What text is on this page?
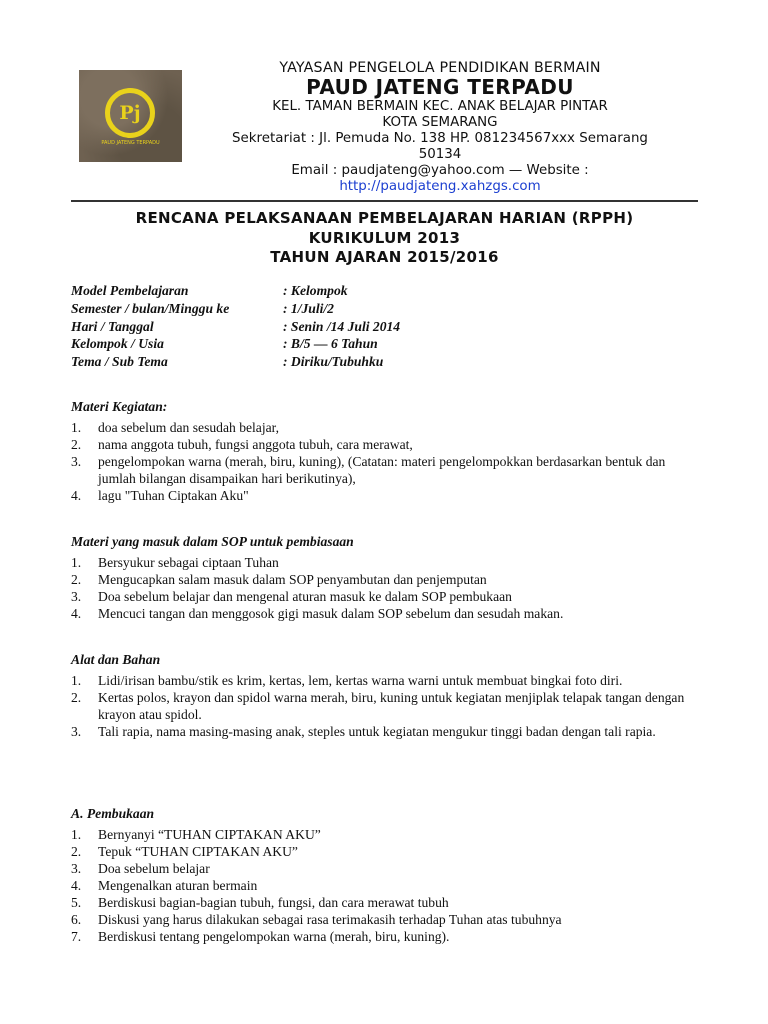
Pj
PAUD JATENG TERPADU
YAYASAN PENGELOLA PENDIDIKAN BERMAIN
PAUD JATENG TERPADU
KEL. TAMAN BERMAIN KEC. ANAK BELAJAR PINTAR
KOTA SEMARANG
Sekretariat : Jl. Pemuda No. 138 HP. 081234567xxx Semarang
50134
Email : paudjateng@yahoo.com — Website :
http://paudjateng.xahzgs.com
RENCANA PELAKSANAAN PEMBELAJARAN HARIAN (RPPH)
KURIKULUM 2013
TAHUN AJARAN 2015/2016
Model Pembelajaran	: Kelompok
Semester / bulan/Minggu ke	: 1/Juli/2
Hari / Tanggal	: Senin /14 Juli 2014
Kelompok / Usia	: B/5 — 6 Tahun
Tema / Sub Tema	: Diriku/Tubuhku
Materi Kegiatan:
1.	doa sebelum dan sesudah belajar,
2.	nama anggota tubuh, fungsi anggota tubuh, cara merawat,
3.	pengelompokan warna (merah, biru, kuning), (Catatan: materi pengelompokkan berdasarkan bentuk dan jumlah bilangan disampaikan hari berikutinya),
4.	lagu "Tuhan Ciptakan Aku"
Materi yang masuk dalam SOP untuk pembiasaan
1.	Bersyukur sebagai ciptaan Tuhan
2.	Mengucapkan salam masuk dalam SOP penyambutan dan penjemputan
3.	Doa sebelum belajar dan mengenal aturan masuk ke dalam SOP pembukaan
4.	Mencuci tangan dan menggosok gigi masuk dalam SOP sebelum dan sesudah makan.
Alat dan Bahan
1.	Lidi/irisan bambu/stik es krim, kertas, lem, kertas warna warni untuk membuat bingkai foto diri.
2.	Kertas polos, krayon dan spidol warna merah, biru, kuning untuk kegiatan menjiplak telapak tangan dengan krayon atau spidol.
3.	Tali rapia, nama masing-masing anak, steples untuk kegiatan mengukur tinggi badan dengan tali rapia.
A. Pembukaan
1.	Bernyanyi “TUHAN CIPTAKAN AKU”
2.	Tepuk “TUHAN CIPTAKAN AKU”
3.	Doa sebelum belajar
4.	Mengenalkan aturan bermain
5.	Berdiskusi bagian-bagian tubuh, fungsi, dan cara merawat tubuh
6.	Diskusi yang harus dilakukan sebagai rasa terimakasih terhadap Tuhan atas tubuhnya
7.	Berdiskusi tentang pengelompokan warna (merah, biru, kuning).
